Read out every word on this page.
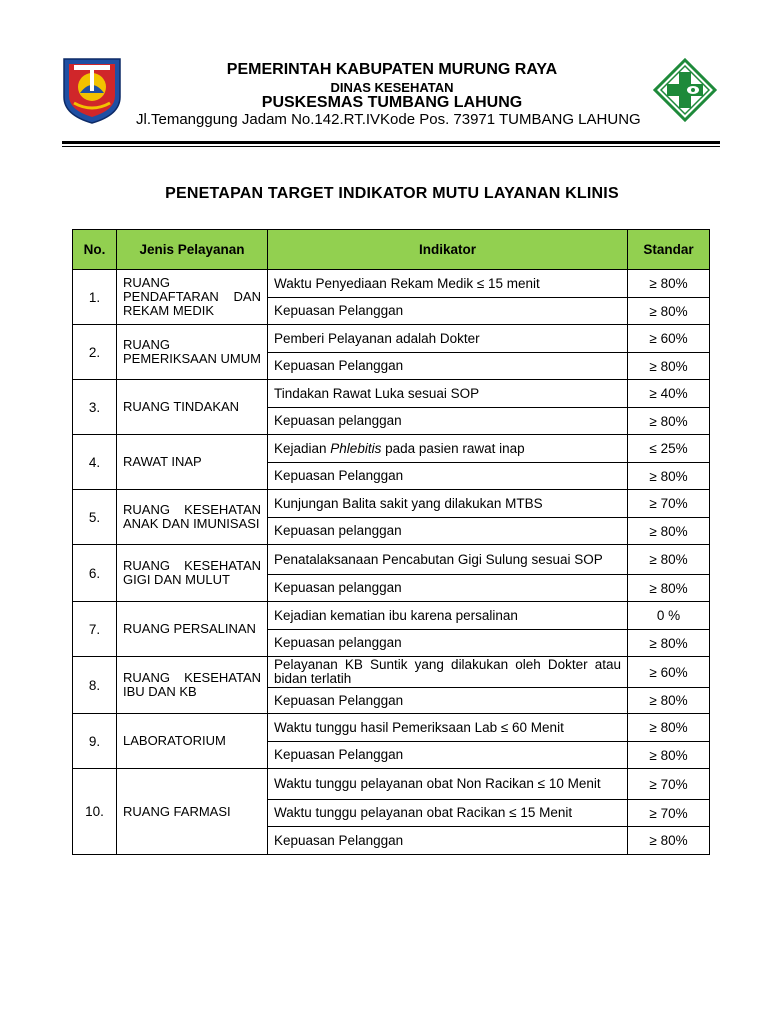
PEMERINTAH KABUPATEN MURUNG RAYA
DINAS KESEHATAN
PUSKESMAS TUMBANG LAHUNG
Jl.Temanggung Jadam No.142.RT.IVKode Pos. 73971 TUMBANG LAHUNG
PENETAPAN TARGET INDIKATOR MUTU LAYANAN KLINIS
No.	Jenis Pelayanan	Indikator	Standar
1.	RUANG PENDAFTARAN DAN REKAM MEDIK	Waktu Penyediaan Rekam Medik ≤ 15 menit	≥ 80%
		Kepuasan Pelanggan	≥ 80%
2.	RUANG PEMERIKSAAN UMUM	Pemberi Pelayanan adalah Dokter	≥ 60%
		Kepuasan Pelanggan	≥ 80%
3.	RUANG TINDAKAN	Tindakan Rawat Luka sesuai SOP	≥ 40%
		Kepuasan pelanggan	≥ 80%
4.	RAWAT INAP	Kejadian Phlebitis pada pasien rawat inap	≤ 25%
		Kepuasan Pelanggan	≥ 80%
5.	RUANG KESEHATAN ANAK DAN IMUNISASI	Kunjungan Balita sakit yang dilakukan MTBS	≥ 70%
		Kepuasan pelanggan	≥ 80%
6.	RUANG KESEHATAN GIGI DAN MULUT	Penatalaksanaan Pencabutan Gigi Sulung sesuai SOP	≥ 80%
		Kepuasan pelanggan	≥ 80%
7.	RUANG PERSALINAN	Kejadian kematian ibu karena persalinan	0 %
		Kepuasan pelanggan	≥ 80%
8.	RUANG KESEHATAN IBU DAN KB	Pelayanan KB Suntik yang dilakukan oleh Dokter atau bidan terlatih	≥ 60%
		Kepuasan Pelanggan	≥ 80%
9.	LABORATORIUM	Waktu tunggu hasil Pemeriksaan Lab ≤ 60 Menit	≥ 80%
		Kepuasan Pelanggan	≥ 80%
10.	RUANG FARMASI	Waktu tunggu pelayanan obat Non Racikan ≤ 10 Menit	≥ 70%
		Waktu tunggu pelayanan obat Racikan ≤ 15 Menit	≥ 70%
		Kepuasan Pelanggan	≥ 80%
